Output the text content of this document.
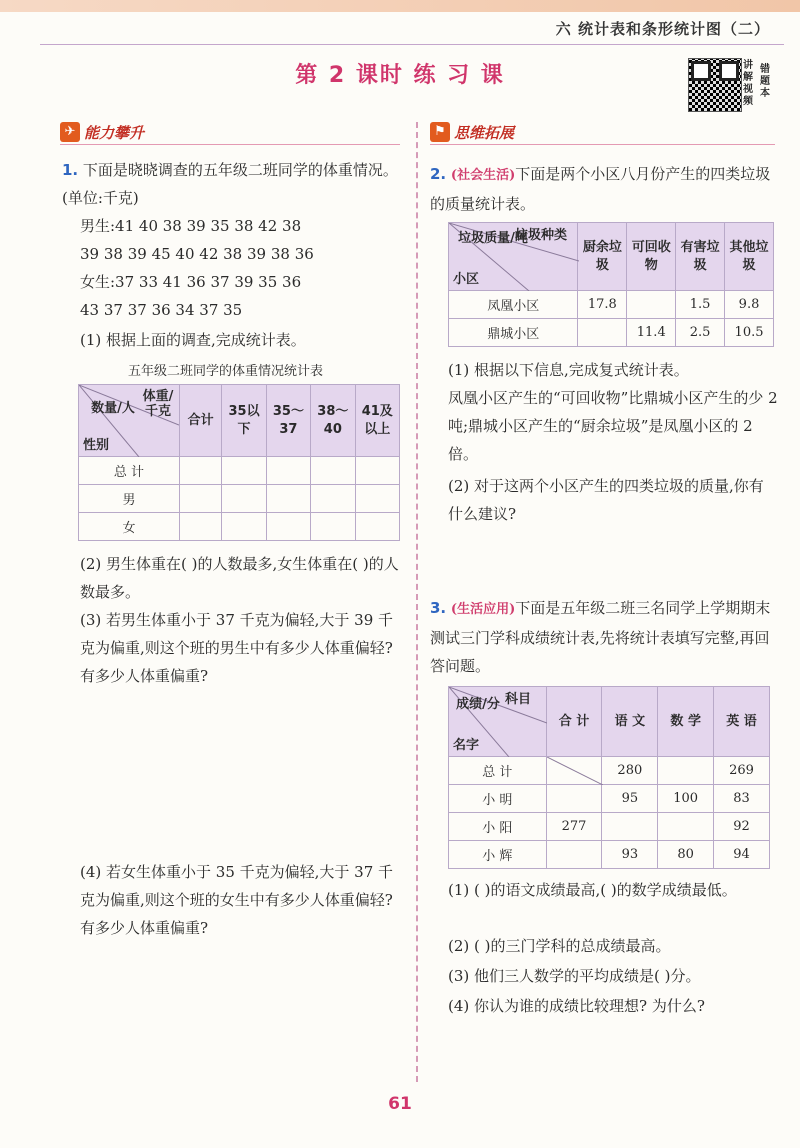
六 统计表和条形统计图（二）
第 2 课时 练 习 课	讲解视频
错题本
✈ 能力攀升	⚑ 思维拓展
1. 下面是晓晓调查的五年级二班同学的体重情况。(单位:千克)
男生:41 40 38 39 35 38 42 38
39 38 39 45 40 42 38 39 38 36
女生:37 33 41 36 37 39 35 36
43 37 37 36 34 37 35
(1) 根据上面的调查,完成统计表。
五年级二班同学的体重情况统计表
体重/千克
数量/人
性别	合计	35以下	35～37	38～40	41及以上
总 计					
男					
女					
(2) 男生体重在( )的人数最多,女生体重在( )的人数最多。
(3) 若男生体重小于 37 千克为偏轻,大于 39 千克为偏重,则这个班的男生中有多少人体重偏轻? 有多少人体重偏重?
(4) 若女生体重小于 35 千克为偏轻,大于 37 千克为偏重,则这个班的女生中有多少人体重偏轻? 有多少人体重偏重?
2. (社会生活)下面是两个小区八月份产生的四类垃圾的质量统计表。
垃圾种类
垃圾质量/吨
小区	厨余垃圾	可回收物	有害垃圾	其他垃圾
凤凰小区	17.8		1.5	9.8
鼎城小区		11.4	2.5	10.5
(1) 根据以下信息,完成复式统计表。
凤凰小区产生的“可回收物”比鼎城小区产生的少 2 吨;鼎城小区产生的“厨余垃圾”是凤凰小区的 2 倍。
(2) 对于这两个小区产生的四类垃圾的质量,你有什么建议?
3. (生活应用)下面是五年级二班三名同学上学期期末测试三门学科成绩统计表,先将统计表填写完整,再回答问题。
科目
成绩/分
名字	合 计	语 文	数 学	英 语
总 计		280		269
小 明		95	100	83
小 阳	277			92
小 辉		93	80	94
(1) ( )的语文成绩最高,( )的数学成绩最低。
(2) ( )的三门学科的总成绩最高。
(3) 他们三人数学的平均成绩是( )分。
(4) 你认为谁的成绩比较理想? 为什么?
61
